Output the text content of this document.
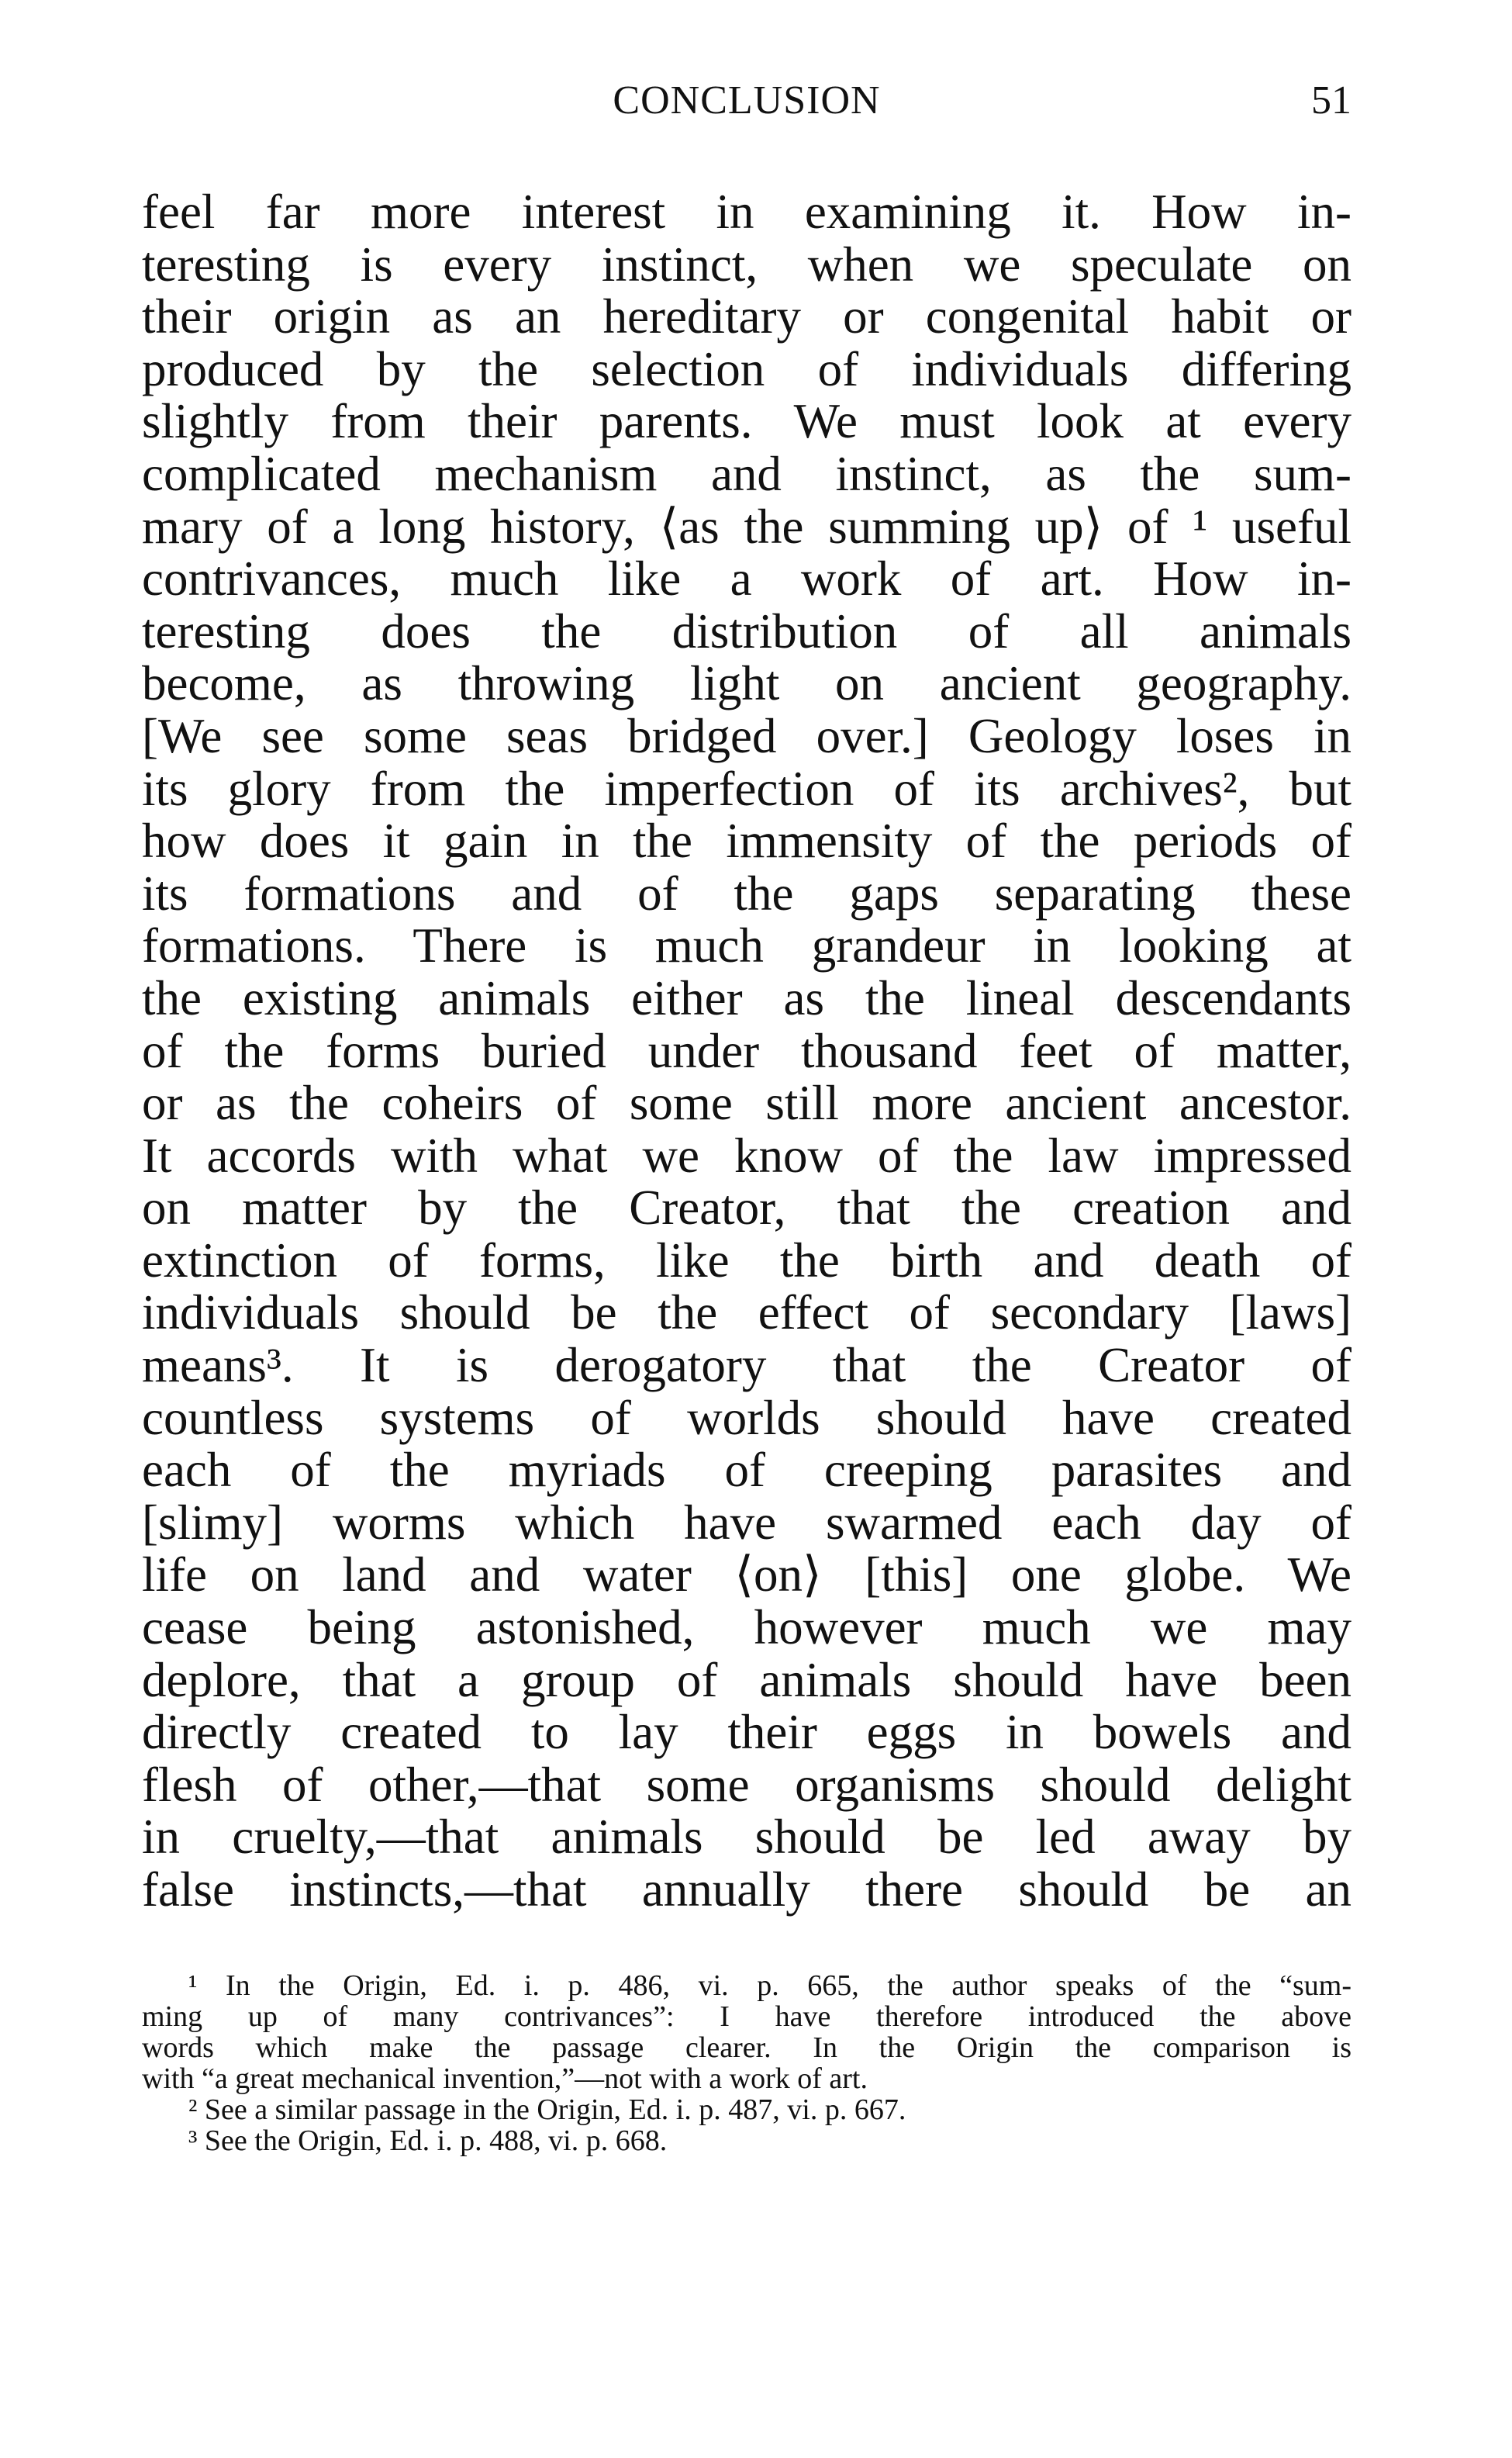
CONCLUSION	51
feel far more interest in examining it. How in-
teresting is every instinct, when we speculate on
their origin as an hereditary or congenital habit or
produced by the selection of individuals differing
slightly from their parents. We must look at every
complicated mechanism and instinct, as the sum-
mary of a long history, ⟨as the summing up⟩ of ¹ useful
contrivances, much like a work of art. How in-
teresting does the distribution of all animals
become, as throwing light on ancient geography.
[We see some seas bridged over.] Geology loses in
its glory from the imperfection of its archives², but
how does it gain in the immensity of the periods of
its formations and of the gaps separating these
formations. There is much grandeur in looking at
the existing animals either as the lineal descendants
of the forms buried under thousand feet of matter,
or as the coheirs of some still more ancient ancestor.
It accords with what we know of the law impressed
on matter by the Creator, that the creation and
extinction of forms, like the birth and death of
individuals should be the effect of secondary [laws]
means³. It is derogatory that the Creator of
countless systems of worlds should have created
each of the myriads of creeping parasites and
[slimy] worms which have swarmed each day of
life on land and water ⟨on⟩ [this] one globe. We
cease being astonished, however much we may
deplore, that a group of animals should have been
directly created to lay their eggs in bowels and
flesh of other,—that some organisms should delight
in cruelty,—that animals should be led away by
false instincts,—that annually there should be an
¹ In the Origin, Ed. i. p. 486, vi. p. 665, the author speaks of the “sum-
ming up of many contrivances”: I have therefore introduced the above
words which make the passage clearer. In the Origin the comparison is
with “a great mechanical invention,”—not with a work of art.
² See a similar passage in the Origin, Ed. i. p. 487, vi. p. 667.
³ See the Origin, Ed. i. p. 488, vi. p. 668.
